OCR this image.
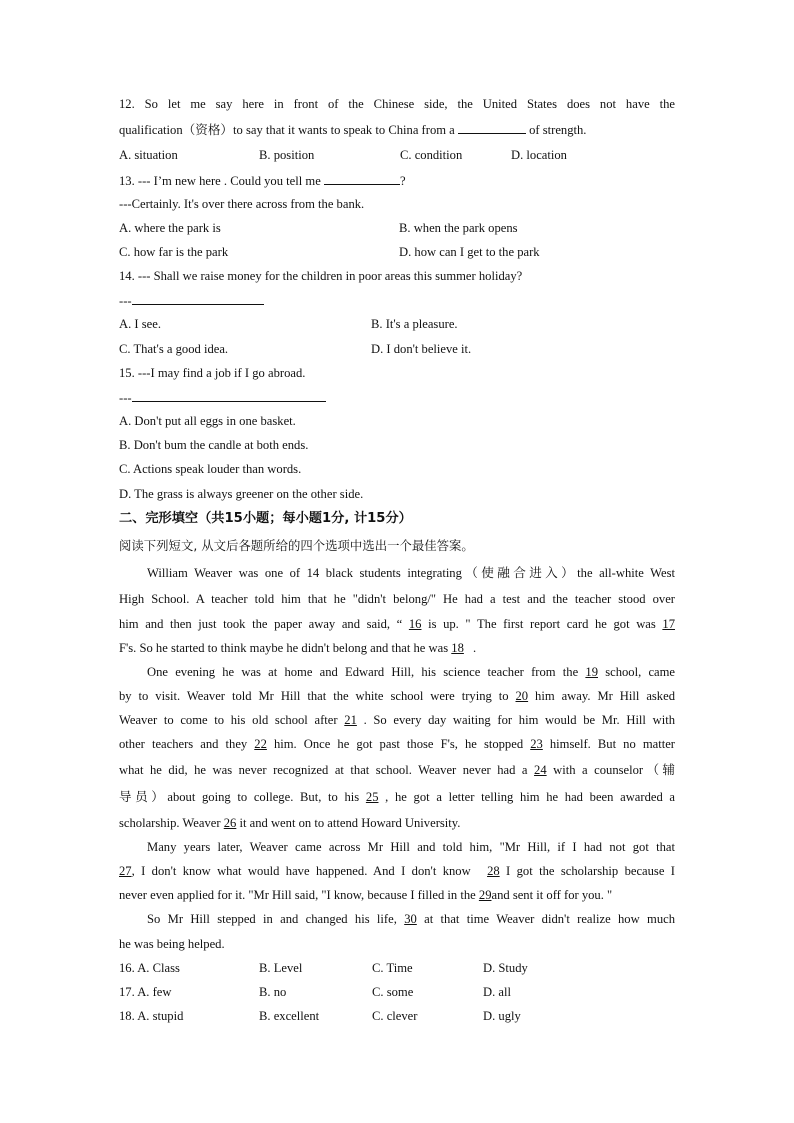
12. So let me say here in front of the Chinese side, the United States does not have the
qualification（资格）to say that it wants to speak to China from a	of strength.
A. situation	B. position	C. condition	D. location
13. --- I’m new here . Could you tell me	?
---Certainly. It's over there across from the bank.
A. where the park is	B. when the park opens
C. how far is the park	D. how can I get to the park
14. --- Shall we raise money for the children in poor areas this summer holiday?
---
A. I see.	B. It's a pleasure.
C. That's a good idea.	D. I don't believe it.
15. ---I may find a job if I go abroad.
---
A. Don't put all eggs in one basket.
B. Don't bum the candle at both ends.
C. Actions speak louder than words.
D. The grass is always greener on the other side.
二、完形填空（共15小题；每小题1分, 计15分）
阅读下列短文, 从文后各题所给的四个选项中选出一个最佳答案。
William Weaver was one of 14 black students integrating（使融合进入）the all-white West
High School. A teacher told him that he "didn't belong/" He had a test and the teacher stood over
him and then just took the paper away and said, “ 16 is up. " The first report card he got was 17
F's. So he started to think maybe he didn't belong and that he was 18 .
One evening he was at home and Edward Hill, his science teacher from the 19 school, came
by to visit. Weaver told Mr Hill that the white school were trying to 20 him away. Mr Hill asked
Weaver to come to his old school after 21 . So every day waiting for him would be Mr. Hill with
other teachers and they 22 him. Once he got past those F's, he stopped 23 himself. But no matter
what he did, he was never recognized at that school. Weaver never had a 24 with a counselor（辅
导员）about going to college. But, to his 25 , he got a letter telling him he had been awarded a
scholarship. Weaver 26 it and went on to attend Howard University.
Many years later, Weaver came across Mr Hill and told him, "Mr Hill, if I had not got that
27, I don't know what would have happened. And I don't know 28 I got the scholarship because I
never even applied for it. "Mr Hill said, "I know, because I filled in the 29and sent it off for you. "
So Mr Hill stepped in and changed his life, 30 at that time Weaver didn't realize how much
he was being helped.
16. A. Class	B. Level	C. Time	D. Study
17. A. few	B. no	C. some	D. all
18. A. stupid	B. excellent	C. clever	D. ugly
